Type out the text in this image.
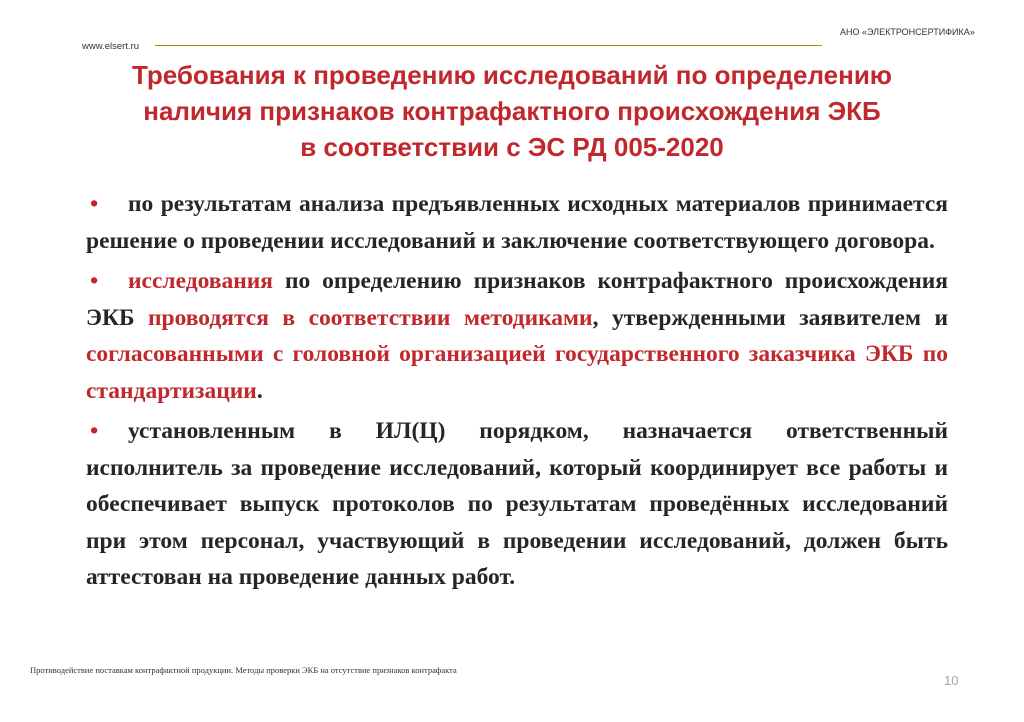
АНО «ЭЛЕКТРОНСЕРТИФИКА»
www.elsert.ru
Требования к проведению исследований по определению
наличия признаков контрафактного происхождения ЭКБ
в соответствии с ЭС РД 005-2020

• по результатам анализа предъявленных исходных материалов принимается решение о проведении исследований и заключение соответствующего договора.

• исследования по определению признаков контрафактного происхождения ЭКБ проводятся в соответствии методиками, утвержденными заявителем и согласованными с головной организацией государственного заказчика ЭКБ по стандартизации.

• установленным в ИЛ(Ц) порядком, назначается ответственный исполнитель за проведение исследований, который координирует все работы и обеспечивает выпуск протоколов по результатам проведённых исследований при этом персонал, участвующий в проведении исследований, должен быть аттестован на проведение данных работ.

Противодействие поставкам контрафактной продукции. Методы проверки ЭКБ на отсутствие признаков контрафакта
10
